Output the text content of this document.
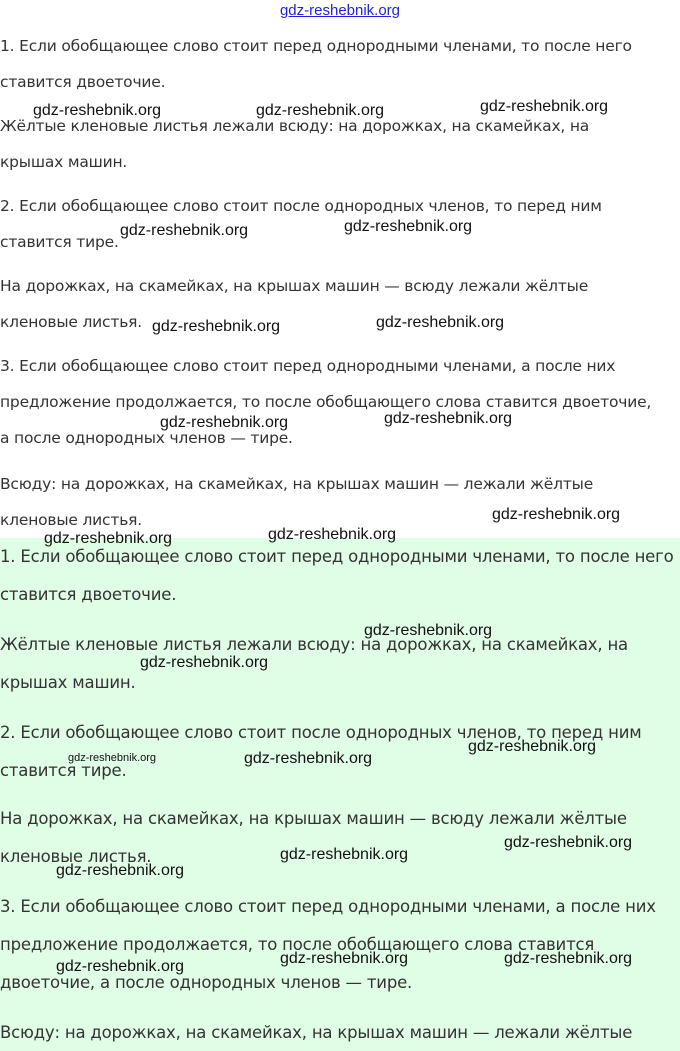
gdz-reshebnik.org

1. Если обобщающее слово стоит перед однородными членами, то после него ставится двоеточие.

Жёлтые кленовые листья лежали всюду: на дорожках, на скамейках, на крышах машин.

2. Если обобщающее слово стоит после однородных членов, то перед ним ставится тире.

На дорожках, на скамейках, на крышах машин — всюду лежали жёлтые кленовые листья.

3. Если обобщающее слово стоит перед однородными членами, а после них предложение продолжается, то после обобщающего слова ставится двоеточие, а после однородных членов — тире.

Всюду: на дорожках, на скамейках, на крышах машин — лежали жёлтые кленовые листья.

1. Если обобщающее слово стоит перед однородными членами, то после него ставится двоеточие.

Жёлтые кленовые листья лежали всюду: на дорожках, на скамейках, на крышах машин.

2. Если обобщающее слово стоит после однородных членов, то перед ним ставится тире.

На дорожках, на скамейках, на крышах машин — всюду лежали жёлтые кленовые листья.

3. Если обобщающее слово стоит перед однородными членами, а после них предложение продолжается, то после обобщающего слова ставится двоеточие, а после однородных членов — тире.

Всюду: на дорожках, на скамейках, на крышах машин — лежали жёлтые

gdz-reshebnik.org	gdz-reshebnik.org	gdz-reshebnik.org
gdz-reshebnik.org	gdz-reshebnik.org
gdz-reshebnik.org	gdz-reshebnik.org
gdz-reshebnik.org	gdz-reshebnik.org
gdz-reshebnik.org
gdz-reshebnik.org	gdz-reshebnik.org
gdz-reshebnik.org
gdz-reshebnik.org
gdz-reshebnik.org	gdz-reshebnik.org
gdz-reshebnik.org
gdz-reshebnik.org
gdz-reshebnik.org
gdz-reshebnik.org
gdz-reshebnik.org	gdz-reshebnik.org
gdz-reshebnik.org
